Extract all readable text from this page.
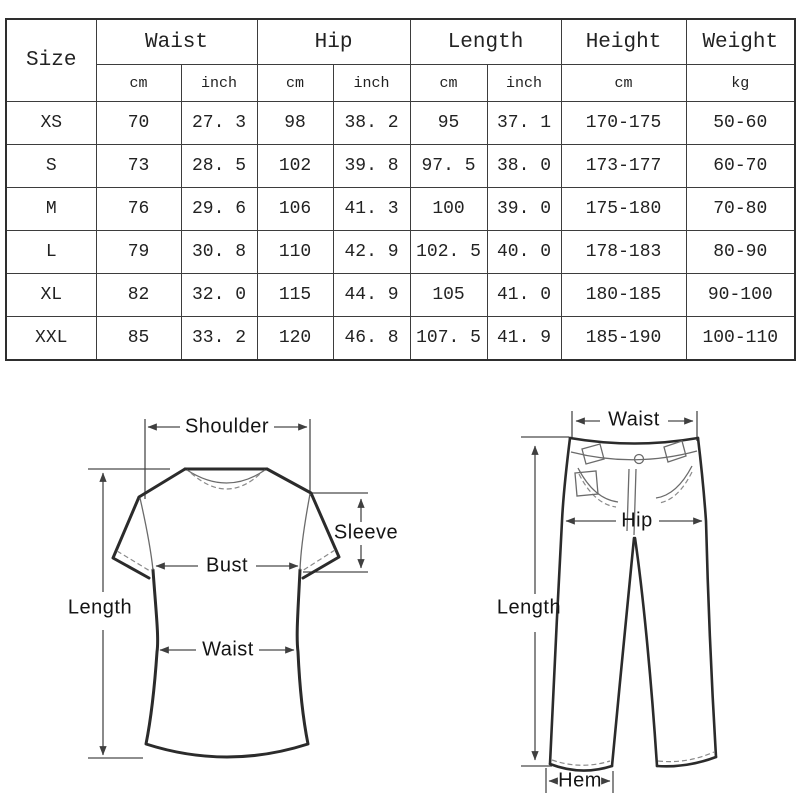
Size	Waist		Hip		Length		Height	Weight
	cm	inch	cm	inch	cm	inch	cm	kg
XS	70	27. 3	98	38. 2	95	37. 1	170-175	50-60
S	73	28. 5	102	39. 8	97. 5	38. 0	173-177	60-70
M	76	29. 6	106	41. 3	100	39. 0	175-180	70-80
L	79	30. 8	110	42. 9	102. 5	40. 0	178-183	80-90
XL	82	32. 0	115	44. 9	105	41. 0	180-185	90-100
XXL	85	33. 2	120	46. 8	107. 5	41. 9	185-190	100-110
Shoulder
Sleeve
Bust
Length
Waist
Waist
Hip
Length
Hem
